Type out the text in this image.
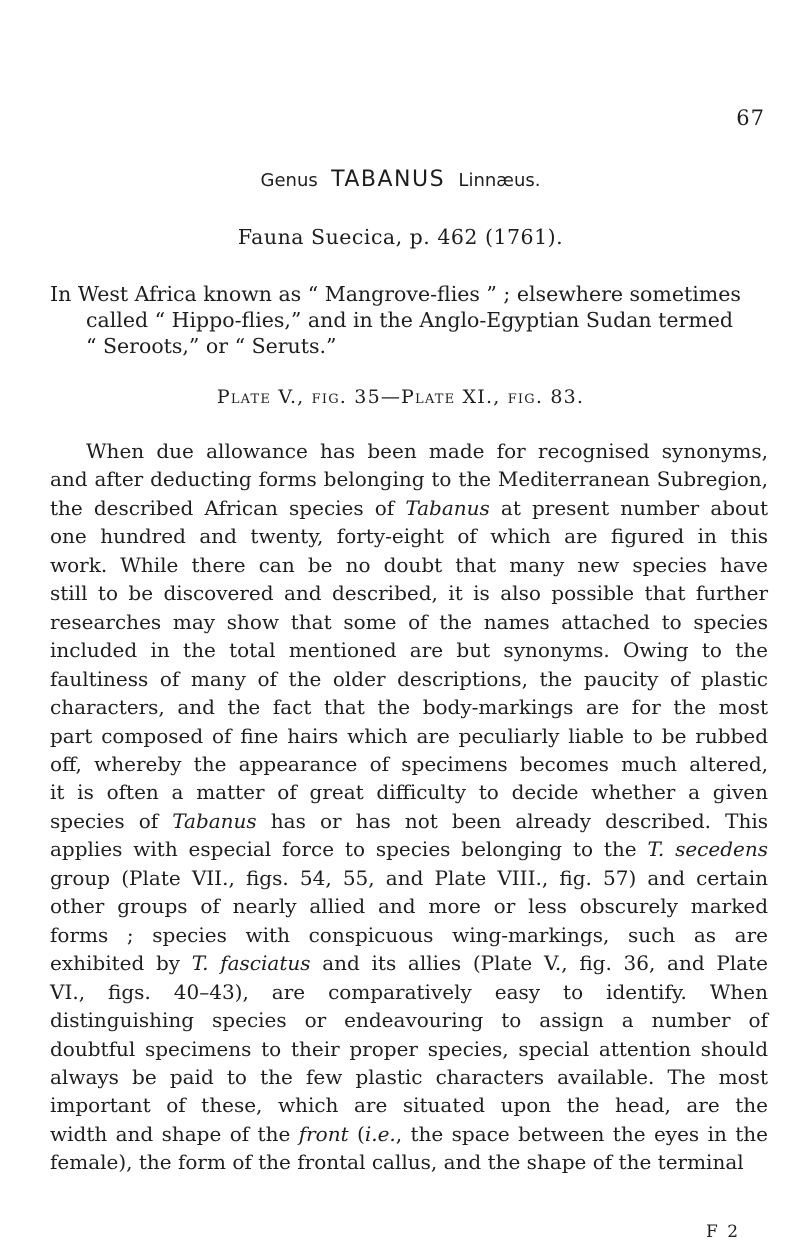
67
Genus TABANUS Linnæus.
Fauna Suecica, p. 462 (1761).
In West Africa known as “ Mangrove-flies ” ; elsewhere sometimes
called “ Hippo-flies,” and in the Anglo-Egyptian Sudan termed
“ Seroots,” or “ Seruts.”
Plate V., fig. 35—Plate XI., fig. 83.
When due allowance has been made for recognised synonyms,
and after deducting forms belonging to the Mediterranean Subregion,
the described African species of Tabanus at present number about
one hundred and twenty, forty-eight of which are figured in this
work. While there can be no doubt that many new species have
still to be discovered and described, it is also possible that further
researches may show that some of the names attached to species
included in the total mentioned are but synonyms. Owing to the
faultiness of many of the older descriptions, the paucity of plastic
characters, and the fact that the body-markings are for the most
part composed of fine hairs which are peculiarly liable to be rubbed
off, whereby the appearance of specimens becomes much altered,
it is often a matter of great difficulty to decide whether a given
species of Tabanus has or has not been already described. This
applies with especial force to species belonging to the T. secedens
group (Plate VII., figs. 54, 55, and Plate VIII., fig. 57) and certain
other groups of nearly allied and more or less obscurely marked
forms ; species with conspicuous wing-markings, such as are
exhibited by T. fasciatus and its allies (Plate V., fig. 36, and Plate
VI., figs. 40–43), are comparatively easy to identify. When
distinguishing species or endeavouring to assign a number of
doubtful specimens to their proper species, special attention should
always be paid to the few plastic characters available. The most
important of these, which are situated upon the head, are the
width and shape of the front (i.e., the space between the eyes in the
female), the form of the frontal callus, and the shape of the terminal
F 2
